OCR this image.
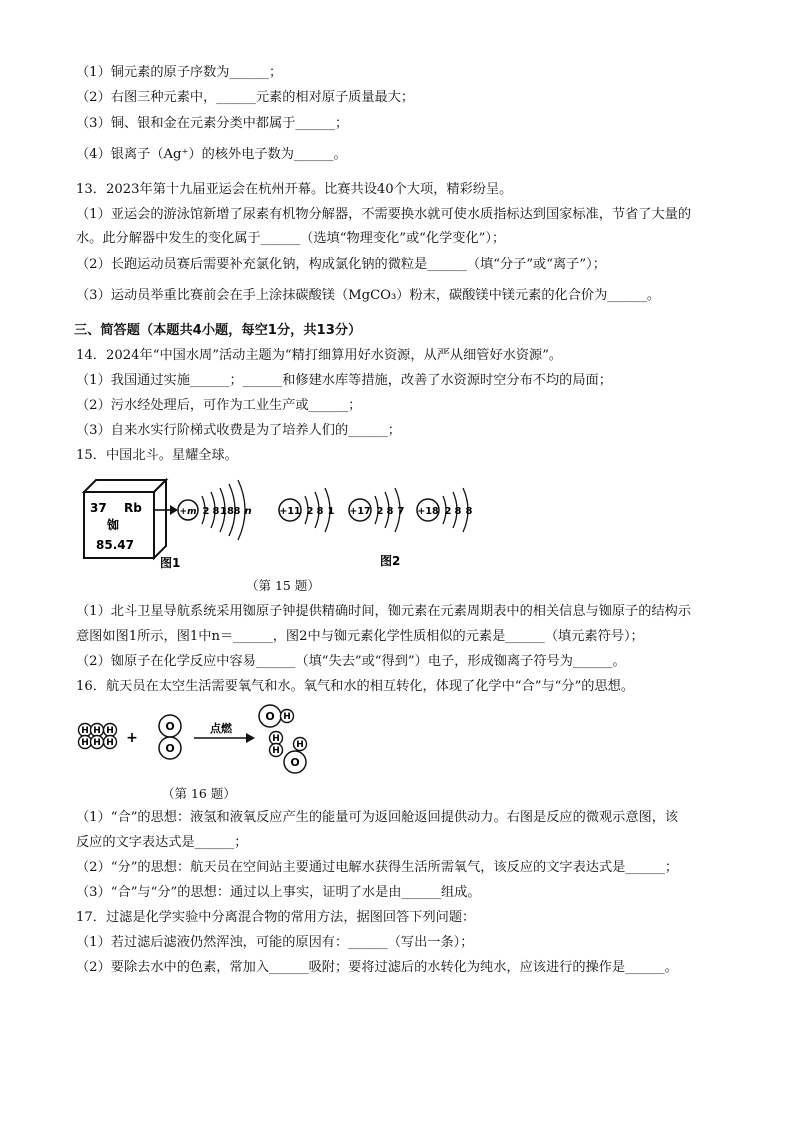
（1）铜元素的原子序数为______；
（2）右图三种元素中，______元素的相对原子质量最大；
（3）铜、银和金在元素分类中都属于______；
（4）银离子（Ag⁺）的核外电子数为______。
13．2023年第十九届亚运会在杭州开幕。比赛共设40个大项，精彩纷呈。
（1）亚运会的游泳馆新增了尿素有机物分解器，不需要换水就可使水质指标达到国家标准，节省了大量的
水。此分解器中发生的变化属于______（选填“物理变化”或“化学变化”）；
（2）长跑运动员赛后需要补充氯化钠，构成氯化钠的微粒是______（填“分子”或“离子”）；
（3）运动员举重比赛前会在手上涂抹碳酸镁（MgCO₃）粉末，碳酸镁中镁元素的化合价为______。
三、简答题（本题共4小题，每空1分，共13分）
14．2024年“中国水周”活动主题为“精打细算用好水资源，从严从细管好水资源”。
（1）我国通过实施______；______和修建水库等措施，改善了水资源时空分布不均的局面；
（2）污水经处理后，可作为工业生产或______；
（3）自来水实行阶梯式收费是为了培养人们的______；
15．中国北斗。星耀全球。
37 Rb
铷
85.47
+m 2 8 18 8 n	+11 2 8 1 +17 2 8 7 +18 2 8 8
图1	图2
（第 15 题）
（1）北斗卫星导航系统采用铷原子钟提供精确时间，铷元素在元素周期表中的相关信息与铷原子的结构示
意图如图1所示，图1中n＝______，图2中与铷元素化学性质相似的元素是______（填元素符号）；
（2）铷原子在化学反应中容易______（填“失去”或“得到”）电子，形成铷离子符号为______。
16．航天员在太空生活需要氧气和水。氧气和水的相互转化，体现了化学中“合”与“分”的思想。
H
H
H
H
H
H +
O
O
点燃
O H
H
H
O
H
（第 16 题）
（1）“合”的思想：液氢和液氧反应产生的能量可为返回舱返回提供动力。右图是反应的微观示意图，该
反应的文字表达式是______；
（2）“分”的思想：航天员在空间站主要通过电解水获得生活所需氧气，该反应的文字表达式是______；
（3）“合”与“分”的思想：通过以上事实，证明了水是由______组成。
17．过滤是化学实验中分离混合物的常用方法，据图回答下列问题：
（1）若过滤后滤液仍然浑浊，可能的原因有：______（写出一条）；
（2）要除去水中的色素，常加入______吸附；要将过滤后的水转化为纯水，应该进行的操作是______。
